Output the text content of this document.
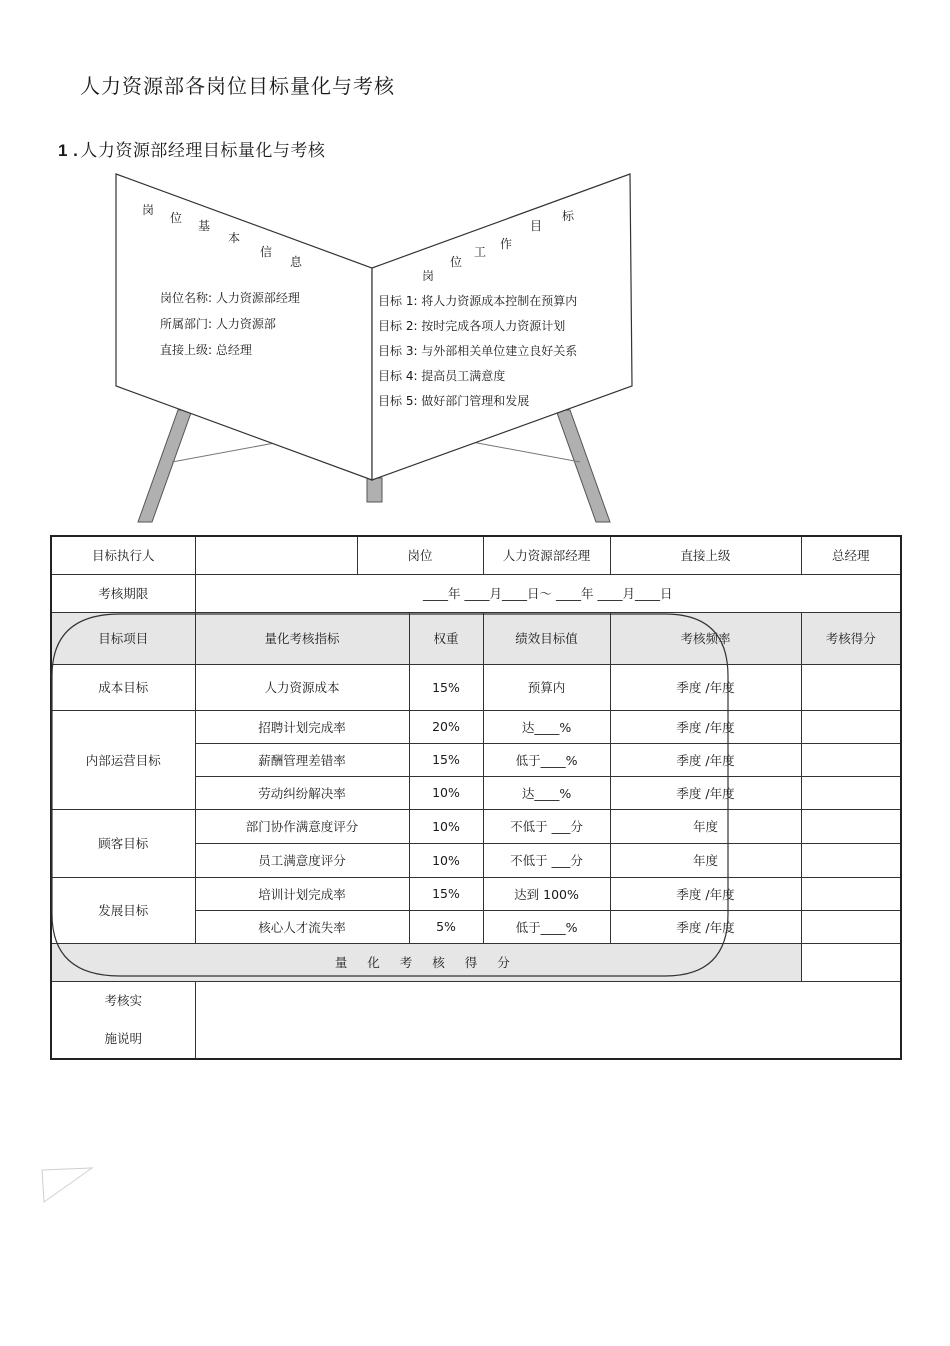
人力资源部各岗位目标量化与考核
1 . 人力资源部经理目标量化与考核
岗
位
基
本
信
息
岗
位
工
作
目
标
岗位名称: 人力资源部经理
所属部门: 人力资源部
直接上级: 总经理
目标 1: 将人力资源成本控制在预算内
目标 2: 按时完成各项人力资源计划
目标 3: 与外部相关单位建立良好关系
目标 4: 提高员工满意度
目标 5: 做好部门管理和发展
目标执行人		岗位		人力资源部经理	直接上级	总经理
考核期限	____年 ____月____日～ ____年 ____月____日					
目标项目	量化考核指标		权重	绩效目标值	考核频率	考核得分
成本目标	人力资源成本		15%	预算内	季度 /年度	
内部运营目标	招聘计划完成率		20%	达____%	季度 /年度	
	薪酬管理差错率		15%	低于____%	季度 /年度	
	劳动纠纷解决率		10%	达____%	季度 /年度	
顾客目标	部门协作满意度评分		10%	不低于 ___分	年度	
	员工满意度评分		10%	不低于 ___分	年度	
发展目标	培训计划完成率		15%	达到 100%	季度 /年度	
	核心人才流失率		5%	低于____%	季度 /年度	
量 化 考 核 得 分						

考核实
施说明						
